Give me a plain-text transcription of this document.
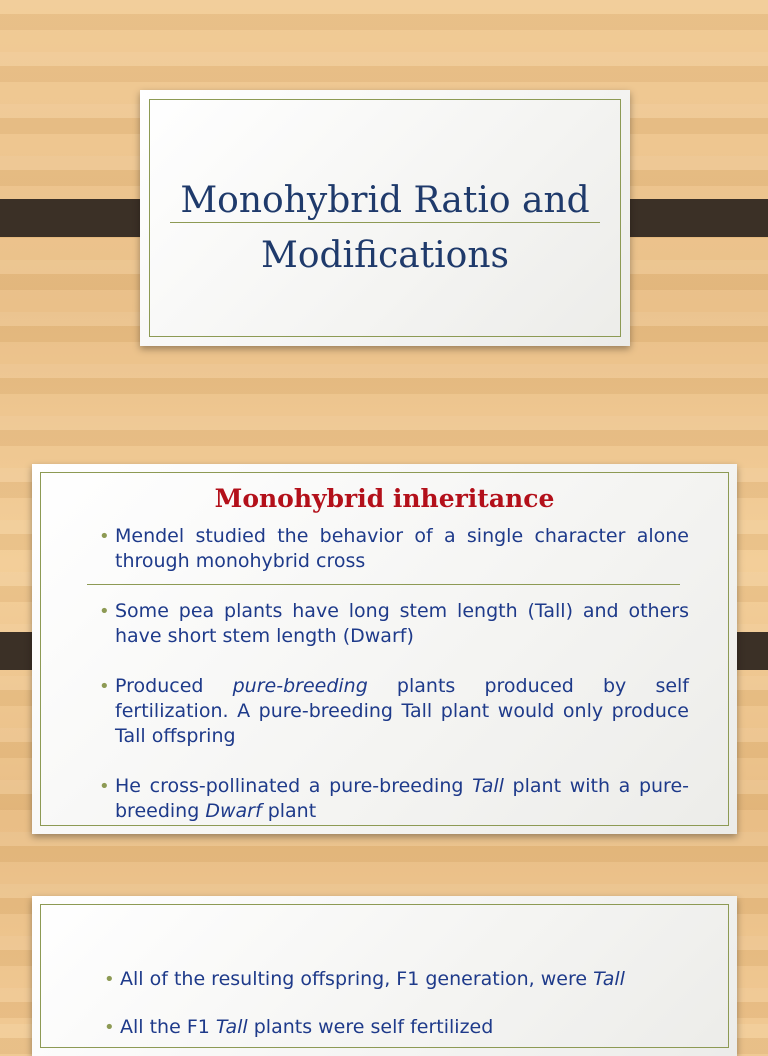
Monohybrid Ratio and
Modifications
Monohybrid inheritance
• Mendel studied the behavior of a single character alone through monohybrid cross
• Some pea plants have long stem length (Tall) and others have short stem length (Dwarf)
• Produced pure-breeding plants produced by self fertilization. A pure-breeding Tall plant would only produce Tall offspring
• He cross-pollinated a pure-breeding Tall plant with a pure-breeding Dwarf plant
• All of the resulting offspring, F1 generation, were Tall
• All the F1 Tall plants were self fertilized
